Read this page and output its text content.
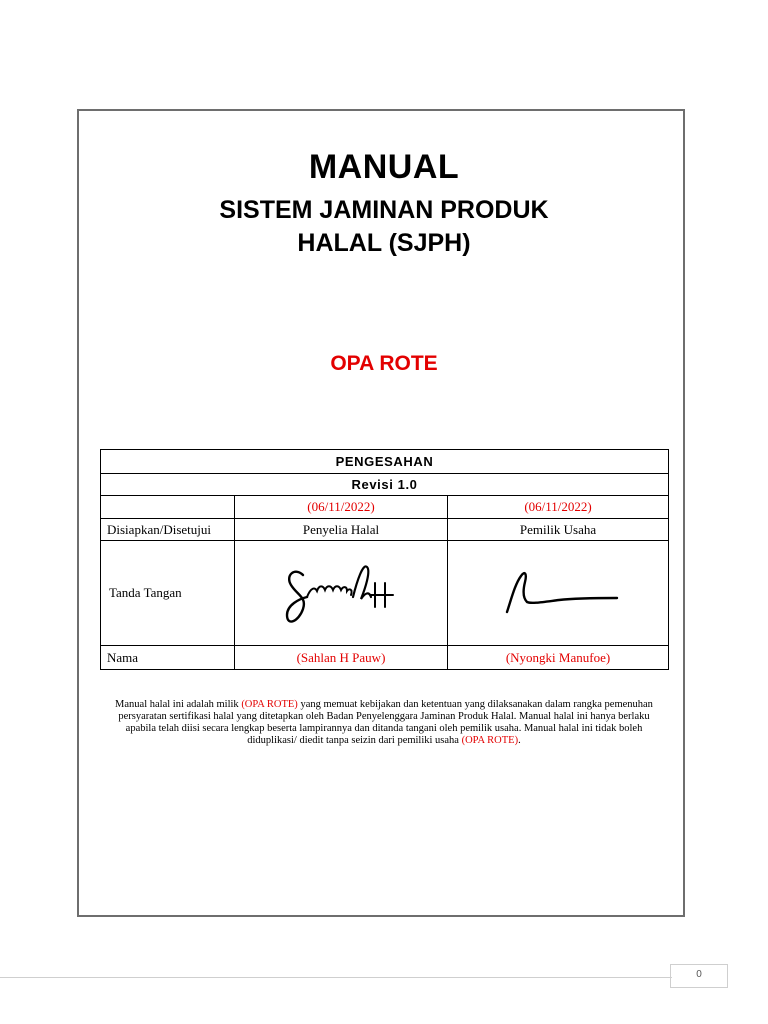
MANUAL
SISTEM JAMINAN PRODUK
HALAL (SJPH)
OPA ROTE
PENGESAHAN		
Revisi 1.0		
	(06/11/2022)	(06/11/2022)
Disiapkan/Disetujui	Penyelia Halal	Pemilik Usaha
Tanda Tangan	

Nama	(Sahlan H Pauw)	(Nyongki Manufoe)
Manual halal ini adalah milik (OPA ROTE) yang memuat kebijakan dan ketentuan yang dilaksanakan dalam rangka pemenuhan persyaratan sertifikasi halal yang ditetapkan oleh Badan Penyelenggara Jaminan Produk Halal. Manual halal ini hanya berlaku apabila telah diisi secara lengkap beserta lampirannya dan ditanda tangani oleh pemilik usaha. Manual halal ini tidak boleh diduplikasi/ diedit tanpa seizin dari pemiliki usaha (OPA ROTE).
0
